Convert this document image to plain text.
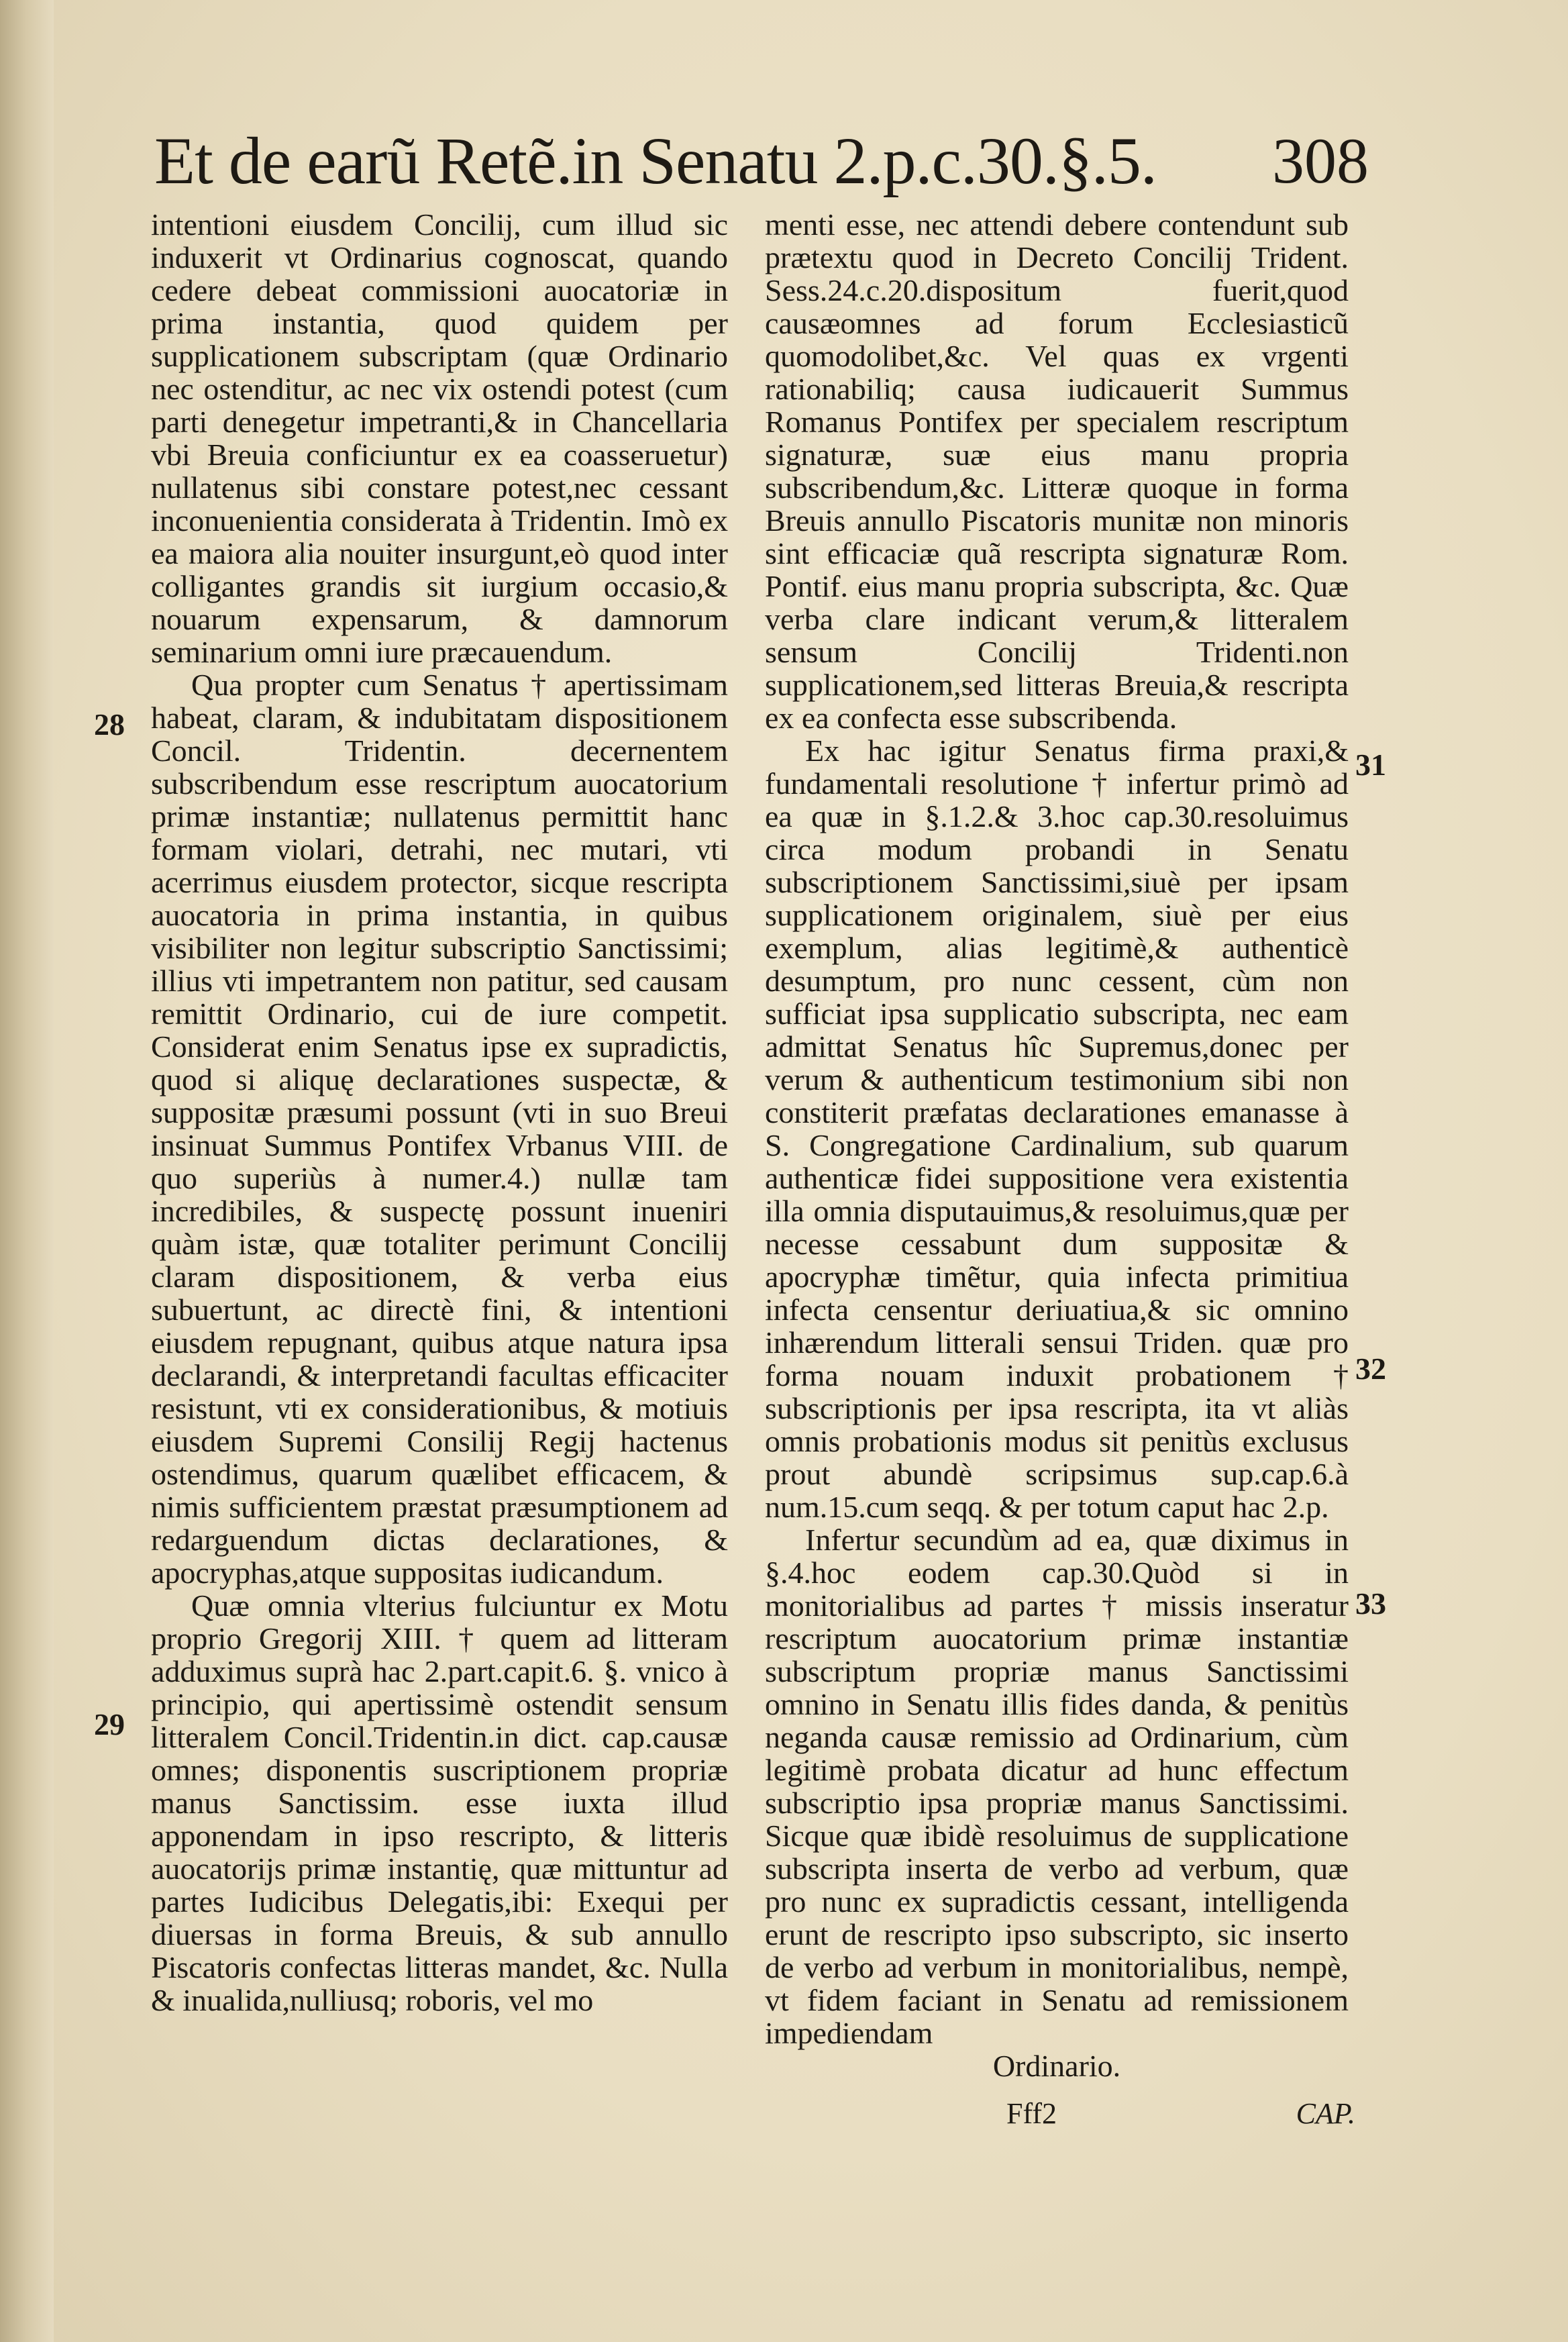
Et de earũ Retẽ.in Senatu 2.p.c.30.§.5.	308

intentioni eiusdem Concilij, cum illud sic induxerit vt Ordinarius cognoscat, quando cedere debeat commissioni auocatoriæ in prima instantia, quod quidem per supplicationem subscriptam (quæ Ordinario nec ostenditur, ac nec vix ostendi potest (cum parti denegetur impetranti,& in Chancellaria vbi Breuia conficiuntur ex ea coasseruetur) nullatenus sibi constare potest,nec cessant inconuenientia considerata à Tridentin. Imò ex ea maiora alia nouiter insurgunt,eò quod inter colligantes grandis sit iurgium occasio,& nouarum expensarum, & damnorum seminarium omni iure præcauendum.

Qua propter cum Senatus † apertissimam habeat, claram, & indubitatam dispositionem Concil. Tridentin. decernentem subscribendum esse rescriptum auocatorium primæ instantiæ; nullatenus permittit hanc formam violari, detrahi, nec mutari, vti acerrimus eiusdem protector, sicque rescripta auocatoria in prima instantia, in quibus visibiliter non legitur subscriptio Sanctissimi; illius vti impetrantem non patitur, sed causam remittit Ordinario, cui de iure competit. Considerat enim Senatus ipse ex supradictis, quod si aliquę declarationes suspectæ, & suppositæ præsumi possunt (vti in suo Breui insinuat Summus Pontifex Vrbanus VIII. de quo superiùs à numer.4.) nullæ tam incredibiles, & suspectę possunt inueniri quàm istæ, quæ totaliter perimunt Concilij claram dispositionem, & verba eius subuertunt, ac directè fini, & intentioni eiusdem repugnant, quibus atque natura ipsa declarandi, & interpretandi facultas efficaciter resistunt, vti ex considerationibus, & motiuis eiusdem Supremi Consilij Regij hactenus ostendimus, quarum quælibet efficacem, & nimis sufficientem præstat præsumptionem ad redarguendum dictas declarationes, & apocryphas,atque suppositas iudicandum.

Quæ omnia vlterius fulciuntur ex Motu proprio Gregorij XIII. † quem ad litteram adduximus suprà hac 2.part.capit.6. §. vnico à principio, qui apertissimè ostendit sensum litteralem Concil.Tridentin.in dict. cap.causæ omnes; disponentis suscriptionem propriæ manus Sanctissim. esse iuxta illud apponendam in ipso rescripto, & litteris auocatorijs primæ instantię, quæ mittuntur ad partes Iudicibus Delegatis,ibi: Exequi per diuersas in forma Breuis, & sub annullo Piscatoris confectas litteras mandet, &c. Nulla & inualida,nulliusq; roboris, vel mo

menti esse, nec attendi debere contendunt sub prætextu quod in Decreto Concilij Trident. Sess.24.c.20.dispositum fuerit,quod causæomnes ad forum Ecclesiasticũ quomodolibet,&c. Vel quas ex vrgenti rationabiliq; causa iudicauerit Summus Romanus Pontifex per specialem rescriptum signaturæ, suæ eius manu propria subscribendum,&c. Litteræ quoque in forma Breuis annullo Piscatoris munitæ non minoris sint efficaciæ quã rescripta signaturæ Rom. Pontif. eius manu propria subscripta, &c. Quæ verba clare indicant verum,& litteralem sensum Concilij Tridenti.non supplicationem,sed litteras Breuia,& rescripta ex ea confecta esse subscribenda.

Ex hac igitur Senatus firma praxi,& fundamentali resolutione † infertur primò ad ea quæ in §.1.2.& 3.hoc cap.30.resoluimus circa modum probandi in Senatu subscriptionem Sanctissimi,siuè per ipsam supplicationem originalem, siuè per eius exemplum, alias legitimè,& authenticè desumptum, pro nunc cessent, cùm non sufficiat ipsa supplicatio subscripta, nec eam admittat Senatus hîc Supremus,donec per verum & authenticum testimonium sibi non constiterit præfatas declarationes emanasse à S. Congregatione Cardinalium, sub quarum authenticæ fidei suppositione vera existentia illa omnia disputauimus,& resoluimus,quæ per necesse cessabunt dum suppositæ & apocryphæ timẽtur, quia infecta primitiua infecta censentur deriuatiua,& sic omnino inhærendum litterali sensui Triden. quæ pro forma nouam induxit probationem † subscriptionis per ipsa rescripta, ita vt aliàs omnis probationis modus sit penitùs exclusus prout abundè scripsimus sup.cap.6.à num.15.cum seqq. & per totum caput hac 2.p.

Infertur secundùm ad ea, quæ diximus in §.4.hoc eodem cap.30.Quòd si in monitorialibus ad partes † missis inseratur rescriptum auocatorium primæ instantiæ subscriptum propriæ manus Sanctissimi omnino in Senatu illis fides danda, & penitùs neganda causæ remissio ad Ordinarium, cùm legitimè probata dicatur ad hunc effectum subscriptio ipsa propriæ manus Sanctissimi. Sicque quæ ibidè resoluimus de supplicatione subscripta inserta de verbo ad verbum, quæ pro nunc ex supradictis cessant, intelligenda erunt de rescripto ipso subscripto, sic inserto de verbo ad verbum in monitorialibus, nempè, vt fidem faciant in Senatu ad remissionem impediendam

Ordinario.

28
29
31
32
33
Fff2	CAP.
